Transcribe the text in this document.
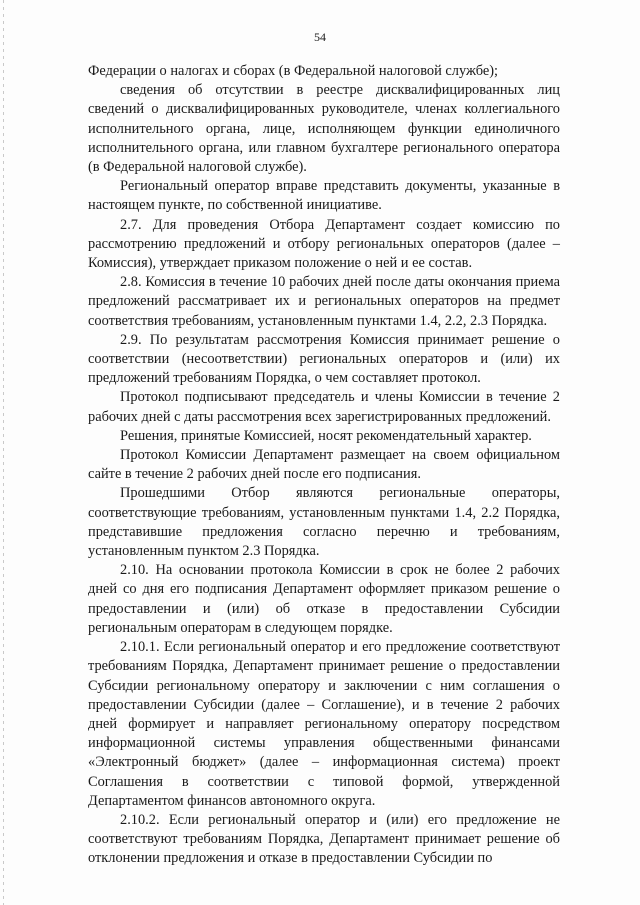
54

Федерации о налогах и сборах (в Федеральной налоговой службе);

сведения об отсутствии в реестре дисквалифицированных лиц сведений о дисквалифицированных руководителе, членах коллегиального исполнительного органа, лице, исполняющем функции единоличного исполнительного органа, или главном бухгалтере регионального оператора (в Федеральной налоговой службе).

Региональный оператор вправе представить документы, указанные в настоящем пункте, по собственной инициативе.

2.7. Для проведения Отбора Департамент создает комиссию по рассмотрению предложений и отбору региональных операторов (далее – Комиссия), утверждает приказом положение о ней и ее состав.

2.8. Комиссия в течение 10 рабочих дней после даты окончания приема предложений рассматривает их и региональных операторов на предмет соответствия требованиям, установленным пунктами 1.4, 2.2, 2.3 Порядка.

2.9. По результатам рассмотрения Комиссия принимает решение о соответствии (несоответствии) региональных операторов и (или) их предложений требованиям Порядка, о чем составляет протокол.

Протокол подписывают председатель и члены Комиссии в течение 2 рабочих дней с даты рассмотрения всех зарегистрированных предложений.

Решения, принятые Комиссией, носят рекомендательный характер.

Протокол Комиссии Департамент размещает на своем официальном сайте в течение 2 рабочих дней после его подписания.

Прошедшими Отбор являются региональные операторы, соответствующие требованиям, установленным пунктами 1.4, 2.2 Порядка, представившие предложения согласно перечню и требованиям, установленным пунктом 2.3 Порядка.

2.10. На основании протокола Комиссии в срок не более 2 рабочих дней со дня его подписания Департамент оформляет приказом решение о предоставлении и (или) об отказе в предоставлении Субсидии региональным операторам в следующем порядке.

2.10.1. Если региональный оператор и его предложение соответствуют требованиям Порядка, Департамент принимает решение о предоставлении Субсидии региональному оператору и заключении с ним соглашения о предоставлении Субсидии (далее – Соглашение), и в течение 2 рабочих дней формирует и направляет региональному оператору посредством информационной системы управления общественными финансами «Электронный бюджет» (далее – информационная система) проект Соглашения в соответствии с типовой формой, утвержденной Департаментом финансов автономного округа.

2.10.2. Если региональный оператор и (или) его предложение не соответствуют требованиям Порядка, Департамент принимает решение об отклонении предложения и отказе в предоставлении Субсидии по
